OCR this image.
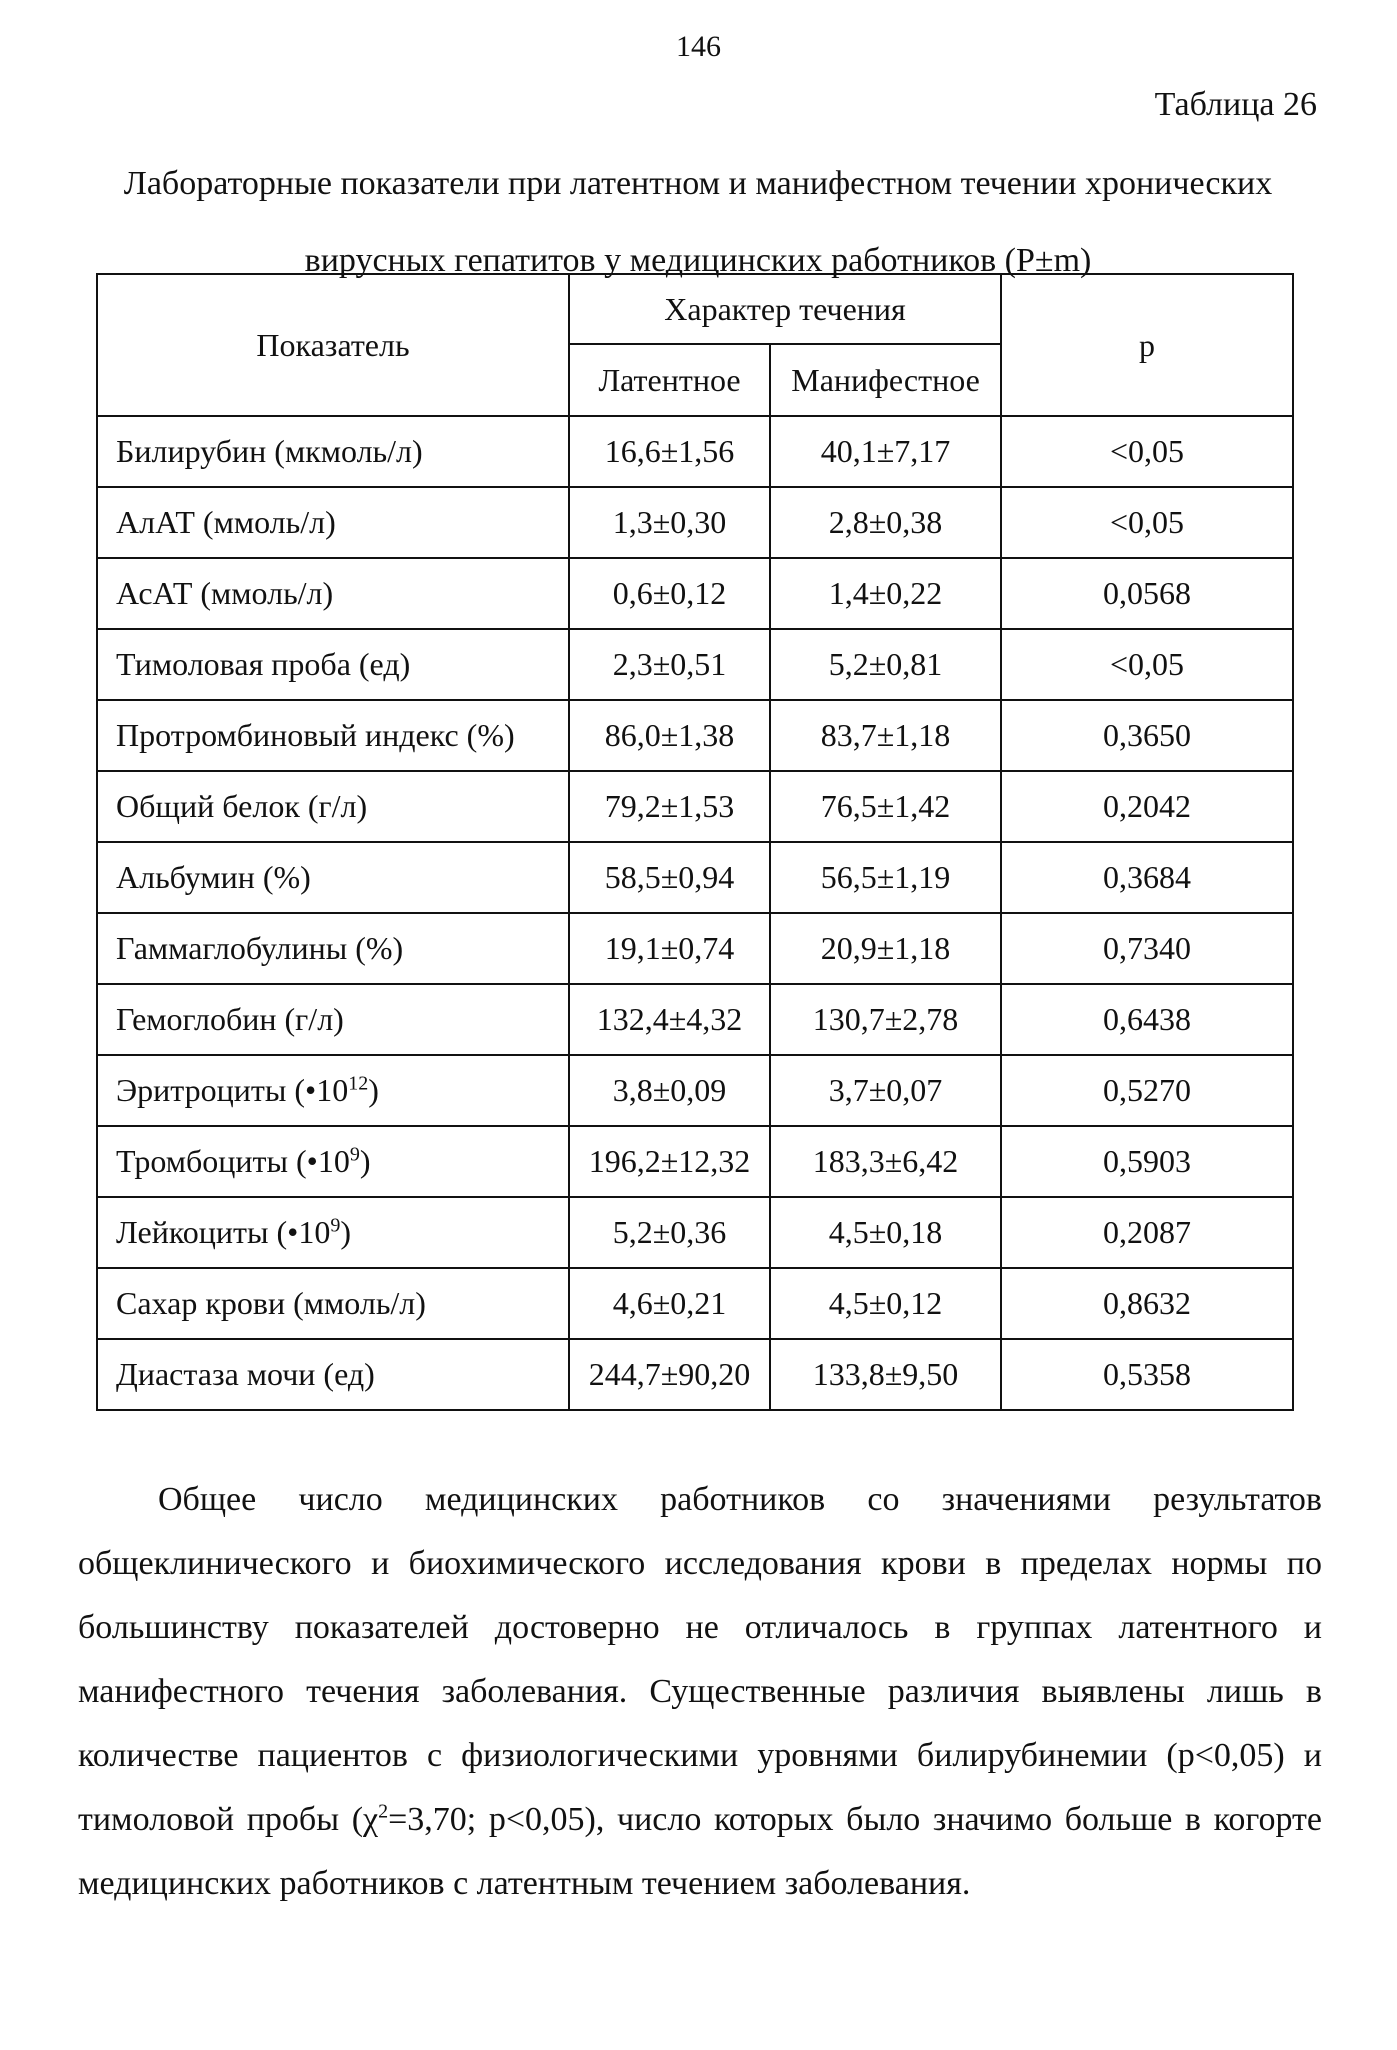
146
Таблица 26
Лабораторные показатели при латентном и манифестном течении хронических вирусных гепатитов у медицинских работников (P±m)
Показатель	Характер течения		p
	Латентное	Манифестное	
Билирубин (мкмоль/л)	16,6±1,56	40,1±7,17	<0,05
АлАТ (ммоль/л)	1,3±0,30	2,8±0,38	<0,05
АсАТ (ммоль/л)	0,6±0,12	1,4±0,22	0,0568
Тимоловая проба (ед)	2,3±0,51	5,2±0,81	<0,05
Протромбиновый индекс (%)	86,0±1,38	83,7±1,18	0,3650
Общий белок (г/л)	79,2±1,53	76,5±1,42	0,2042
Альбумин (%)	58,5±0,94	56,5±1,19	0,3684
Гаммаглобулины (%)	19,1±0,74	20,9±1,18	0,7340
Гемоглобин (г/л)	132,4±4,32	130,7±2,78	0,6438
Эритроциты $(•10^{12})$	3,8±0,09	3,7±0,07	0,5270
Тромбоциты $(•10^9)$	196,2±12,32	183,3±6,42	0,5903
Лейкоциты $(•10^9)$	5,2±0,36	4,5±0,18	0,2087
Сахар крови (ммоль/л)	4,6±0,21	4,5±0,12	0,8632
Диастаза мочи (ед)	244,7±90,20	133,8±9,50	0,5358
Общее число медицинских работников со значениями результатов общеклинического и биохимического исследования крови в пределах нормы по большинству показателей достоверно не отличалось в группах латентного и манифестного течения заболевания. Существенные различия выявлены лишь в количестве пациентов с физиологическими уровнями билирубинемии (p<0,05) и тимоловой пробы ($\chi^2=3,70$; p<0,05), число которых было значимо больше в когорте медицинских работников с латентным течением заболевания.
